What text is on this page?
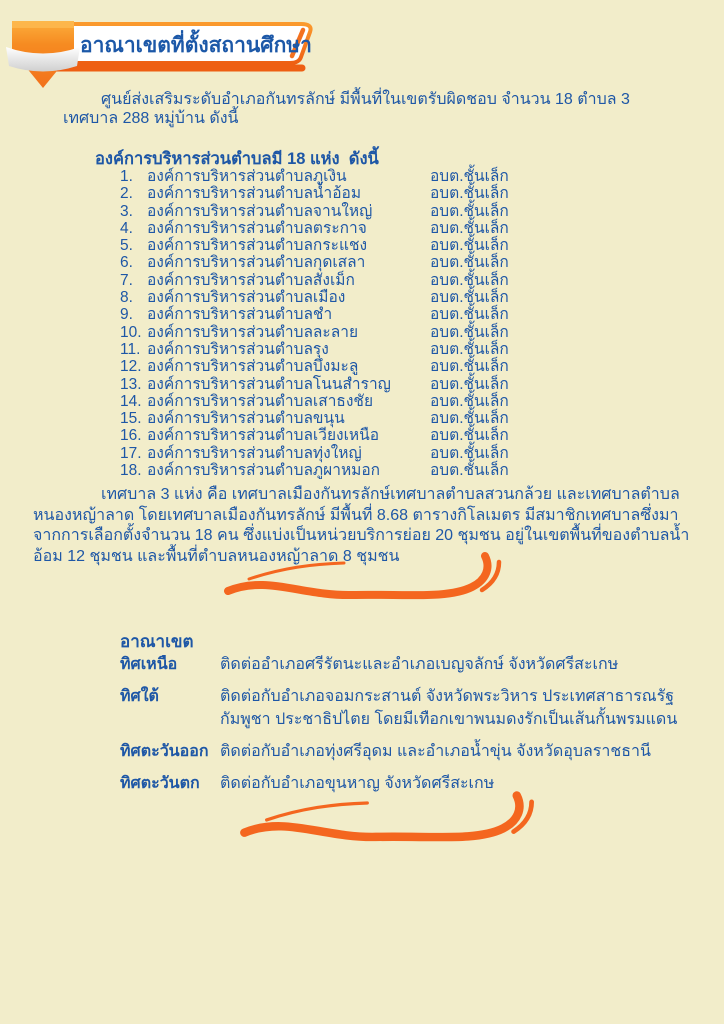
อาณาเขตที่ตั้งสถานศึกษา
ศูนย์ส่งเสริมระดับอำเภอกันทรลักษ์ มีพื้นที่ในเขตรับผิดชอบ จำนวน 18 ตำบล 3 เทศบาล 288 หมู่บ้าน ดังนี้
องค์การบริหารส่วนตำบลมี 18 แห่ง  ดังนี้
1. องค์การบริหารส่วนตำบลภูเงิน	อบต.ชั้นเล็ก
2. องค์การบริหารส่วนตำบลน้ำอ้อม	อบต.ชั้นเล็ก
3. องค์การบริหารส่วนตำบลจานใหญ่	อบต.ชั้นเล็ก
4. องค์การบริหารส่วนตำบลตระกาจ	อบต.ชั้นเล็ก
5. องค์การบริหารส่วนตำบลกระแชง	อบต.ชั้นเล็ก
6. องค์การบริหารส่วนตำบลกุดเสลา	อบต.ชั้นเล็ก
7. องค์การบริหารส่วนตำบลสังเม็ก	อบต.ชั้นเล็ก
8. องค์การบริหารส่วนตำบลเมือง	อบต.ชั้นเล็ก
9. องค์การบริหารส่วนตำบลชำ	อบต.ชั้นเล็ก
10. องค์การบริหารส่วนตำบลละลาย	อบต.ชั้นเล็ก
11. องค์การบริหารส่วนตำบลรุง	อบต.ชั้นเล็ก
12. องค์การบริหารส่วนตำบลบึงมะลู	อบต.ชั้นเล็ก
13. องค์การบริหารส่วนตำบลโนนสำราญ	อบต.ชั้นเล็ก
14. องค์การบริหารส่วนตำบลเสาธงชัย	อบต.ชั้นเล็ก
15. องค์การบริหารส่วนตำบลขนุน	อบต.ชั้นเล็ก
16. องค์การบริหารส่วนตำบลเวียงเหนือ	อบต.ชั้นเล็ก
17. องค์การบริหารส่วนตำบลทุ่งใหญ่	อบต.ชั้นเล็ก
18. องค์การบริหารส่วนตำบลภูผาหมอก	อบต.ชั้นเล็ก
เทศบาล 3 แห่ง คือ เทศบาลเมืองกันทรลักษ์เทศบาลตำบลสวนกล้วย และเทศบาลตำบลหนองหญ้าลาด โดยเทศบาลเมืองกันทรลักษ์ มีพื้นที่ 8.68 ตารางกิโลเมตร มีสมาชิกเทศบาลซึ่งมาจากการเลือกตั้งจำนวน 18 คน ซึ่งแบ่งเป็นหน่วยบริการย่อย 20 ชุมชน อยู่ในเขตพื้นที่ของตำบลน้ำอ้อม 12 ชุมชน และพื้นที่ตำบลหนองหญ้าลาด 8 ชุมชน
อาณาเขต
ทิศเหนือ	ติดต่ออำเภอศรีรัตนะและอำเภอเบญจลักษ์ จังหวัดศรีสะเกษ
ทิศใต้	ติดต่อกับอำเภอจอมกระสานต์ จังหวัดพระวิหาร ประเทศสาธารณรัฐกัมพูชา ประชาธิปไตย โดยมีเทือกเขาพนมดงรักเป็นเส้นกั้นพรมแดน
ทิศตะวันออก ติดต่อกับอำเภอทุ่งศรีอุดม และอำเภอน้ำขุ่น จังหวัดอุบลราชธานี
ทิศตะวันตก	ติดต่อกับอำเภอขุนหาญ จังหวัดศรีสะเกษ
